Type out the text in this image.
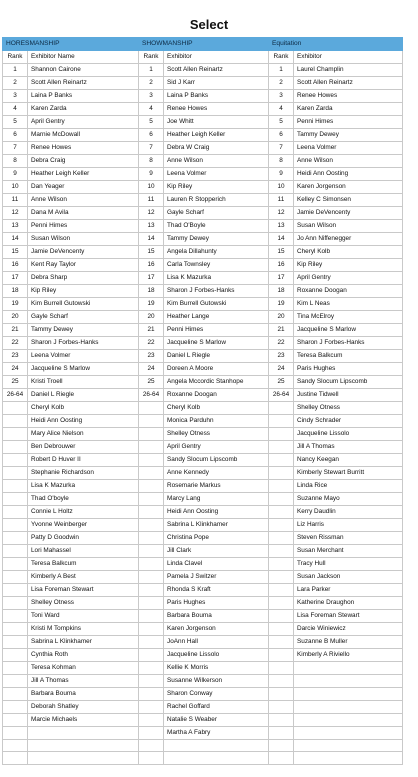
Select
HORESMANSHIP		SHOWMANSHIP		Equitation	
Rank	Exhibitor Name	Rank	Exhibitor	Rank	Exhibitor
1	Shannon Cairone	1	Scott Allen Reinartz	1	Laurel Champlin
2	Scott Allen Reinartz	2	Sid J Karr	2	Scott Allen Reinartz
3	Laina P Banks	3	Laina P Banks	3	Renee Howes
4	Karen Zarda	4	Renee Howes	4	Karen Zarda
5	April Gentry	5	Joe Whitt	5	Penni Himes
6	Marnie McDowall	6	Heather Leigh Keller	6	Tammy Dewey
7	Renee Howes	7	Debra W Craig	7	Leena Volmer
8	Debra Craig	8	Anne Wilson	8	Anne Wilson
9	Heather Leigh Keller	9	Leena Volmer	9	Heidi Ann Oosting
10	Dan Yeager	10	Kip Riley	10	Karen Jorgenson
11	Anne Wilson	11	Lauren R Stopperich	11	Kelley C Simonsen
12	Dana M Avila	12	Gayle Scharf	12	Jamie DeVencenty
13	Penni Himes	13	Thad O'Boyle	13	Susan Wilson
14	Susan Wilson	14	Tammy Dewey	14	Jo Ann Niffenegger
15	Jamie DeVencenty	15	Angela Dillahunty	15	Cheryl Kolb
16	Kent Ray Taylor	16	Carla Townsley	16	Kip Riley
17	Debra Sharp	17	Lisa K Mazurka	17	April Gentry
18	Kip Riley	18	Sharon J Forbes-Hanks	18	Roxanne Doogan
19	Kim Burrell Gutowski	19	Kim Burrell Gutowski	19	Kim L Neas
20	Gayle Scharf	20	Heather Lange	20	Tina McElroy
21	Tammy Dewey	21	Penni Himes	21	Jacqueline S Marlow
22	Sharon J Forbes-Hanks	22	Jacqueline S Marlow	22	Sharon J Forbes-Hanks
23	Leena Volmer	23	Daniel L Riegle	23	Teresa Balkcum
24	Jacqueline S Marlow	24	Doreen A Moore	24	Paris Hughes
25	Kristi Troell	25	Angela Mccordic Stanhope	25	Sandy Slocum Lipscomb
26-64	Daniel L Riegle	26-64	Roxanne Doogan	26-64	Justine Tidwell
	Cheryl Kolb		Cheryl Kolb		Shelley Otness
	Heidi Ann Oosting		Monica Parduhn		Cindy Schrader
	Mary Alice Nielson		Shelley Otness		Jacqueline Lissolo
	Ben Debrouwer		April Gentry		Jill A Thomas
	Robert D Huver II		Sandy Slocum Lipscomb		Nancy Keegan
	Stephanie Richardson		Anne Kennedy		Kimberly Stewart Burritt
	Lisa K Mazurka		Rosemarie Markus		Linda Rice
	Thad O'boyle		Marcy Lang		Suzanne Mayo
	Connie L Holtz		Heidi Ann Oosting		Kerry Daudlin
	Yvonne Weinberger		Sabrina L Klinkhamer		Liz Harris
	Patty D Goodwin		Christina Pope		Steven Rissman
	Lori Mahassel		Jill Clark		Susan Merchant
	Teresa Balkcum		Linda Clavel		Tracy Hull
	Kimberly A Best		Pamela J Switzer		Susan Jackson
	Lisa Foreman Stewart		Rhonda S Kraft		Lara Parker
	Shelley Otness		Paris Hughes		Katherine Draughon
	Toni Ward		Barbara Bouma		Lisa Foreman Stewart
	Kristi M Tompkins		Karen Jorgenson		Darcie Winiewicz
	Sabrina L Klinkhamer		JoAnn Hall		Suzanne B Muller
	Cynthia Roth		Jacqueline Lissolo		Kimberly A Riviello
	Teresa Kohman		Kellie K Morris		
	Jill A Thomas		Susanne Wilkerson		
	Barbara Bouma		Sharon Conway		
	Deborah Shatley		Rachel Goffard		
	Marcie Michaels		Natalie S Weaber		
			Martha A Fabry		
